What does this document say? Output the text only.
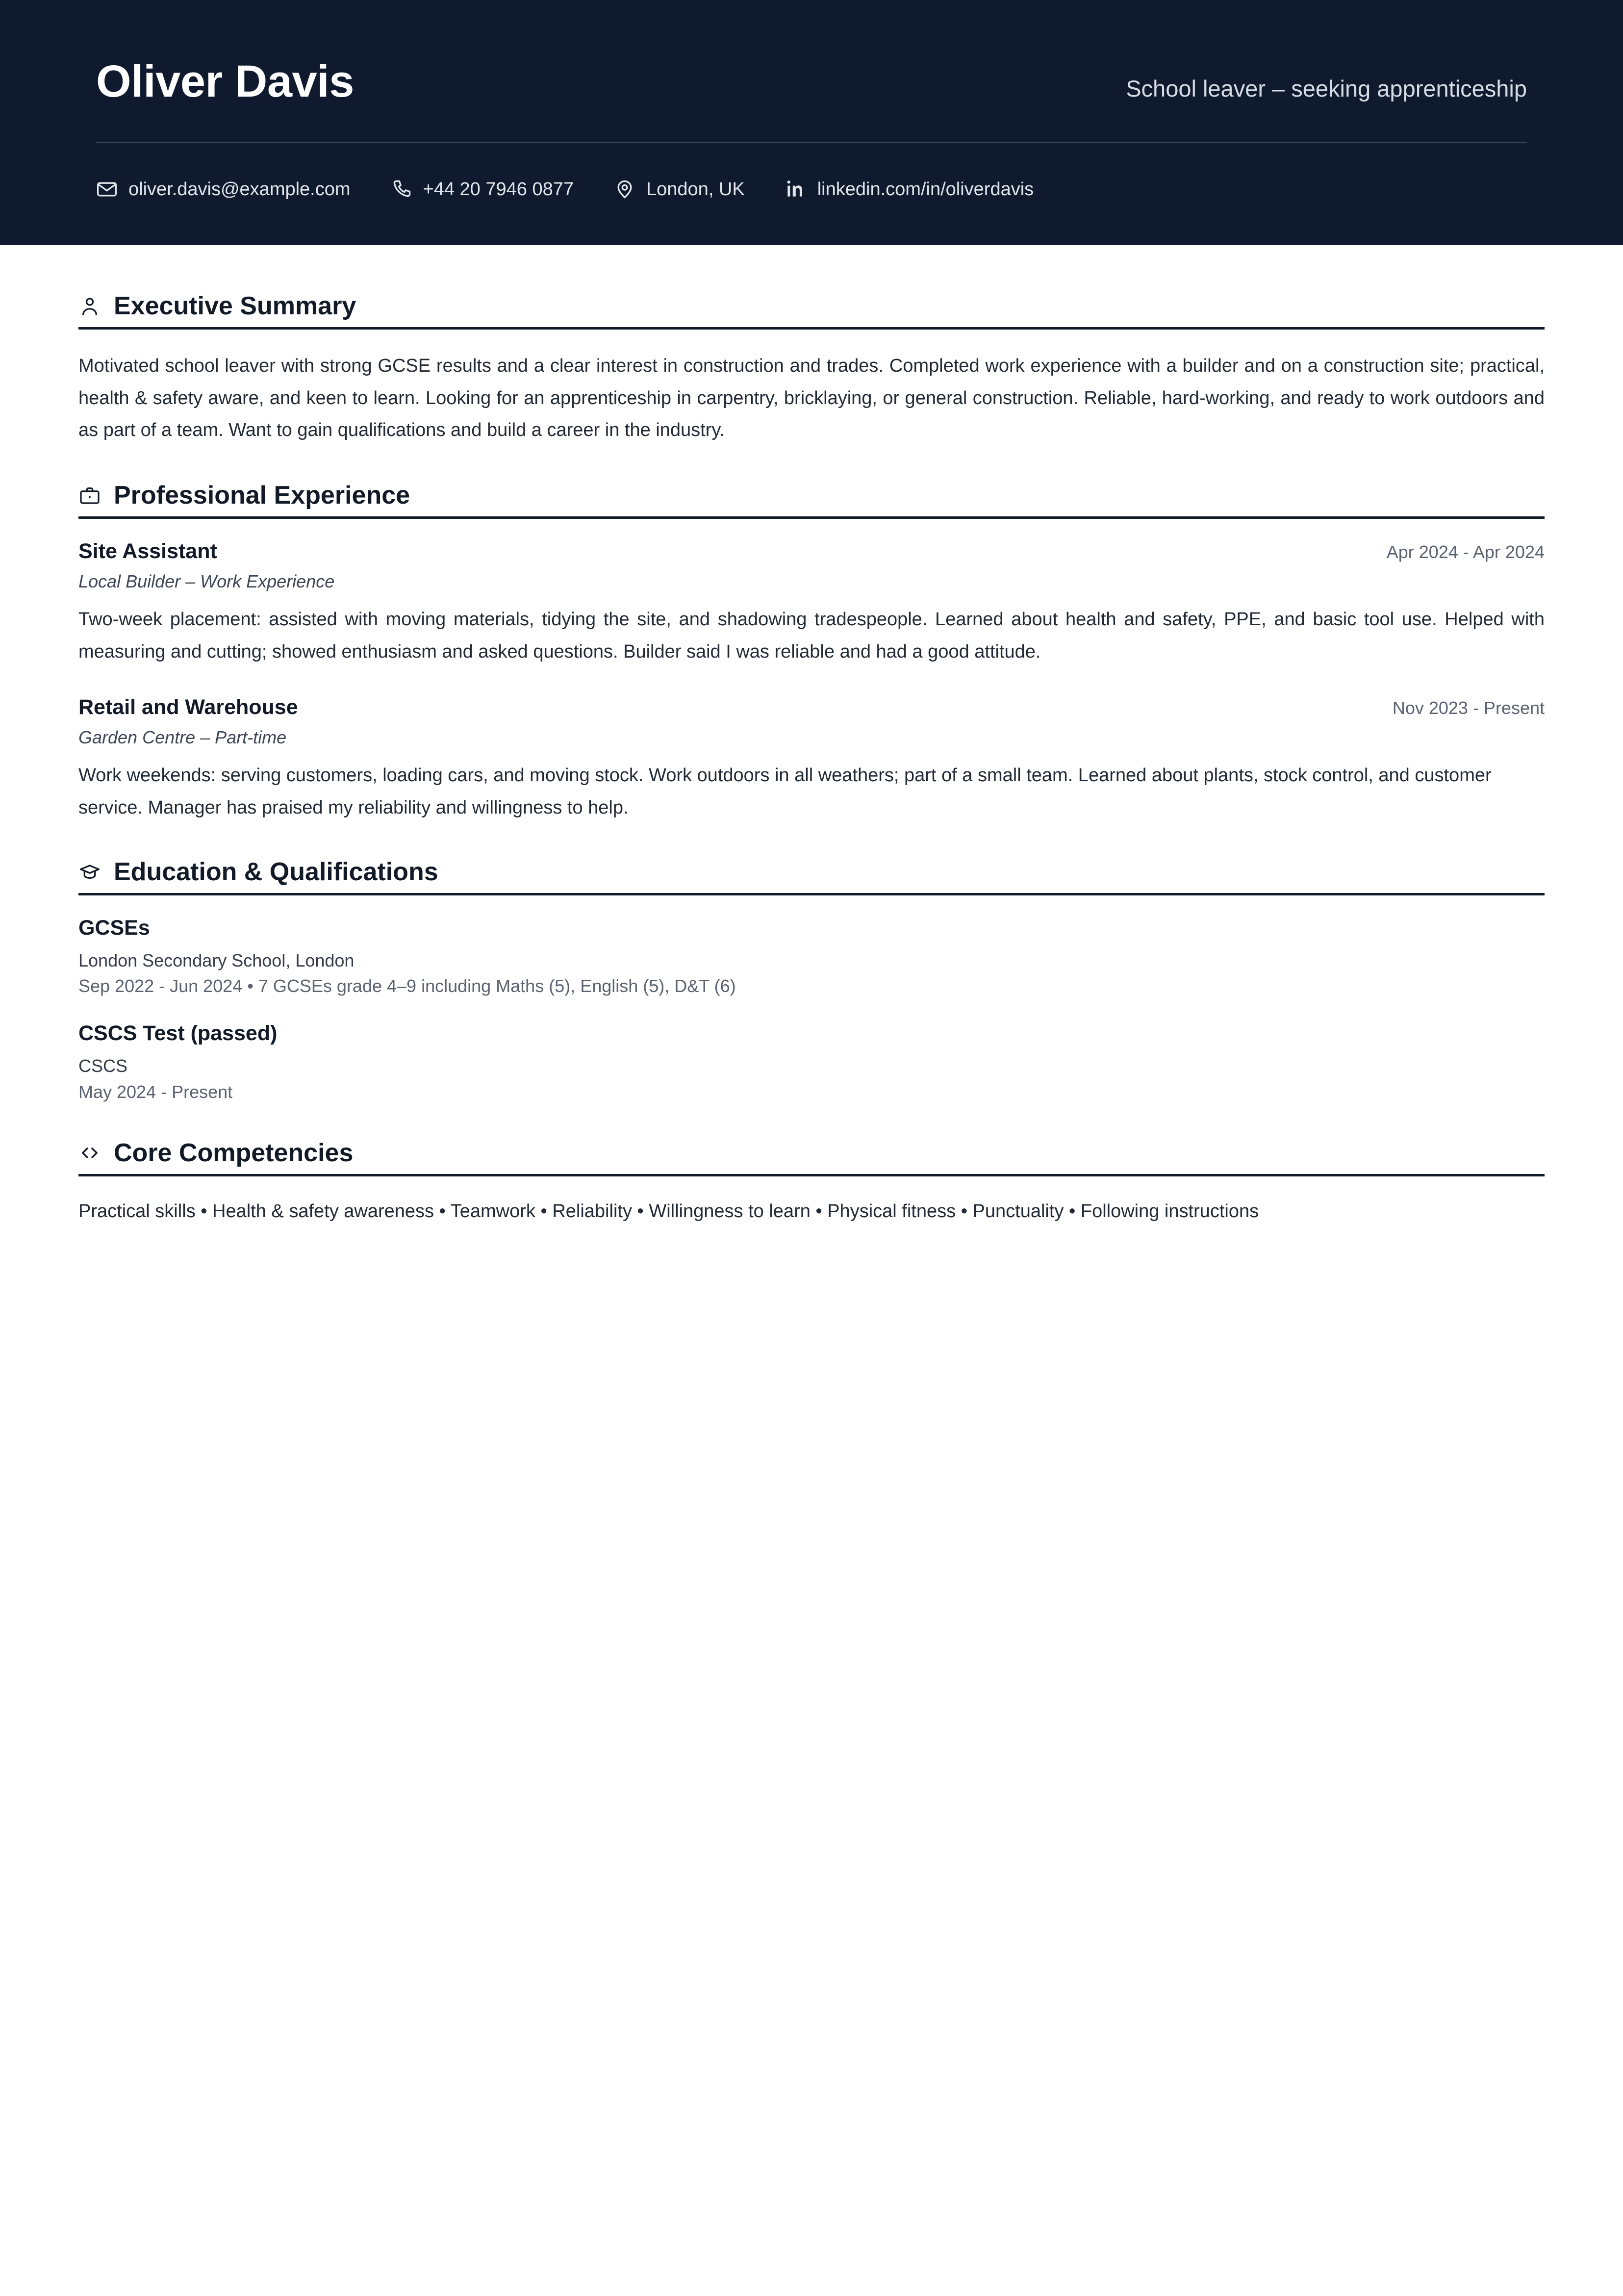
Oliver Davis	School leaver – seeking apprenticeship
oliver.davis@example.com	+44 20 7946 0877	London, UK	linkedin.com/in/oliverdavis
Executive Summary

Motivated school leaver with strong GCSE results and a clear interest in construction and trades. Completed work experience with a builder and on a construction site; practical, health & safety aware, and keen to learn. Looking for an apprenticeship in carpentry, bricklaying, or general construction. Reliable, hard-working, and ready to work outdoors and as part of a team. Want to gain qualifications and build a career in the industry.

Professional Experience
Site Assistant	Apr 2024 - Apr 2024
Local Builder – Work Experience

Two-week placement: assisted with moving materials, tidying the site, and shadowing tradespeople. Learned about health and safety, PPE, and basic tool use. Helped with measuring and cutting; showed enthusiasm and asked questions. Builder said I was reliable and had a good attitude.

Retail and Warehouse	Nov 2023 - Present
Garden Centre – Part-time

Work weekends: serving customers, loading cars, and moving stock. Work outdoors in all weathers; part of a small team. Learned about plants, stock control, and customer service. Manager has praised my reliability and willingness to help.

Education & Qualifications
GCSEs
London Secondary School, London
Sep 2022 - Jun 2024 • 7 GCSEs grade 4–9 including Maths (5), English (5), D&T (6)
CSCS Test (passed)
CSCS
May 2024 - Present
Core Competencies

Practical skills • Health & safety awareness • Teamwork • Reliability • Willingness to learn • Physical fitness • Punctuality • Following instructions
